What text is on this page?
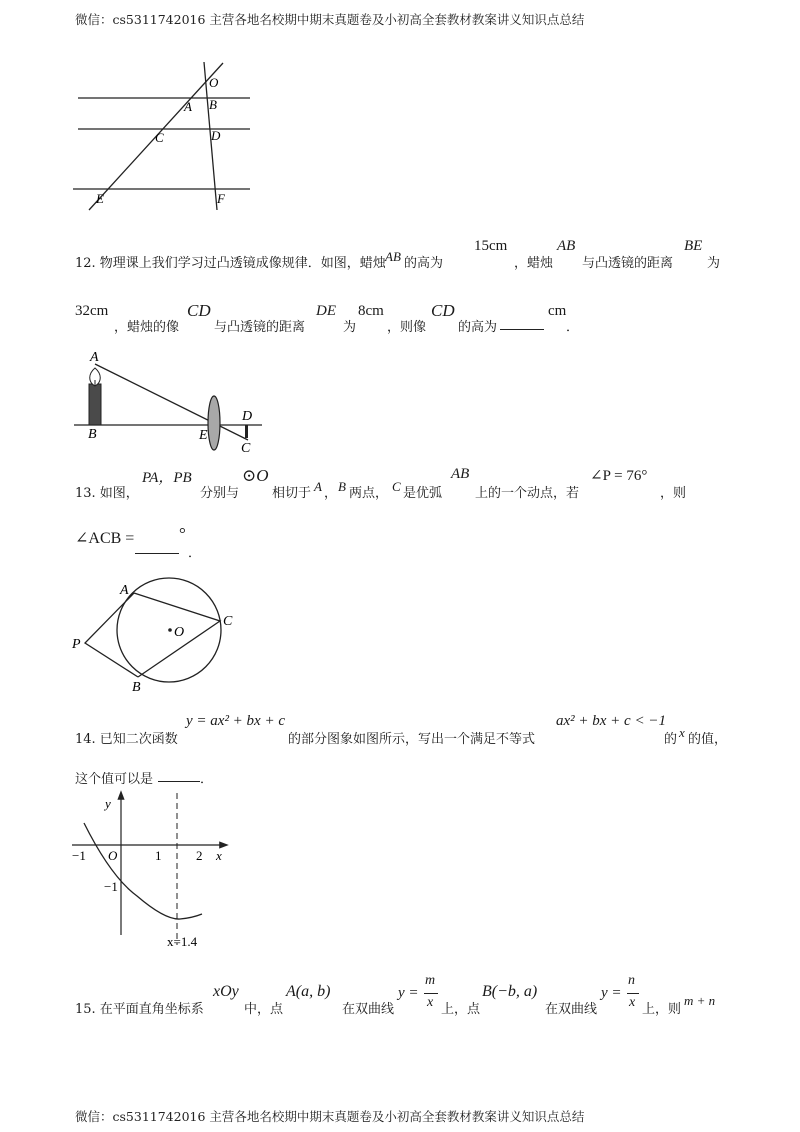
微信：cs5311742016 主营各地名校期中期末真题卷及小初高全套教材教案讲义知识点总结
O
A B
C	D
E	F
12. 物理课上我们学习过凸透镜成像规律．如图，蜡烛 AB 的高为
15cm
，蜡烛
AB
与凸透镜的距离
BE
为
32cm
，蜡烛的像
CD
与凸透镜的距离
DE
为
8cm
，则像
CD
的高为
cm
．
A
B	E
D
C
13. 如图，
PA，PB
分别与
⊙O
相切于 A ， B 两点， C 是优弧
AB
上的一个动点，若
∠P = 76°
，则
∠ACB =	°
．
A
C
P
O
B
14. 已知二次函数
y = ax² + bx + c
的部分图象如图所示，写出一个满足不等式
ax² + bx + c < −1
的 x 的值，
这个值可以是	．
y
x
O
−1	1	2
−1
x=1.4
15. 在平面直角坐标系
xOy
中，点
A(a, b)
在双曲线
y =
m
x 上，点
B(−b, a)
在双曲线
y =
n
x 上，则
m + n
微信：cs5311742016 主营各地名校期中期末真题卷及小初高全套教材教案讲义知识点总结
